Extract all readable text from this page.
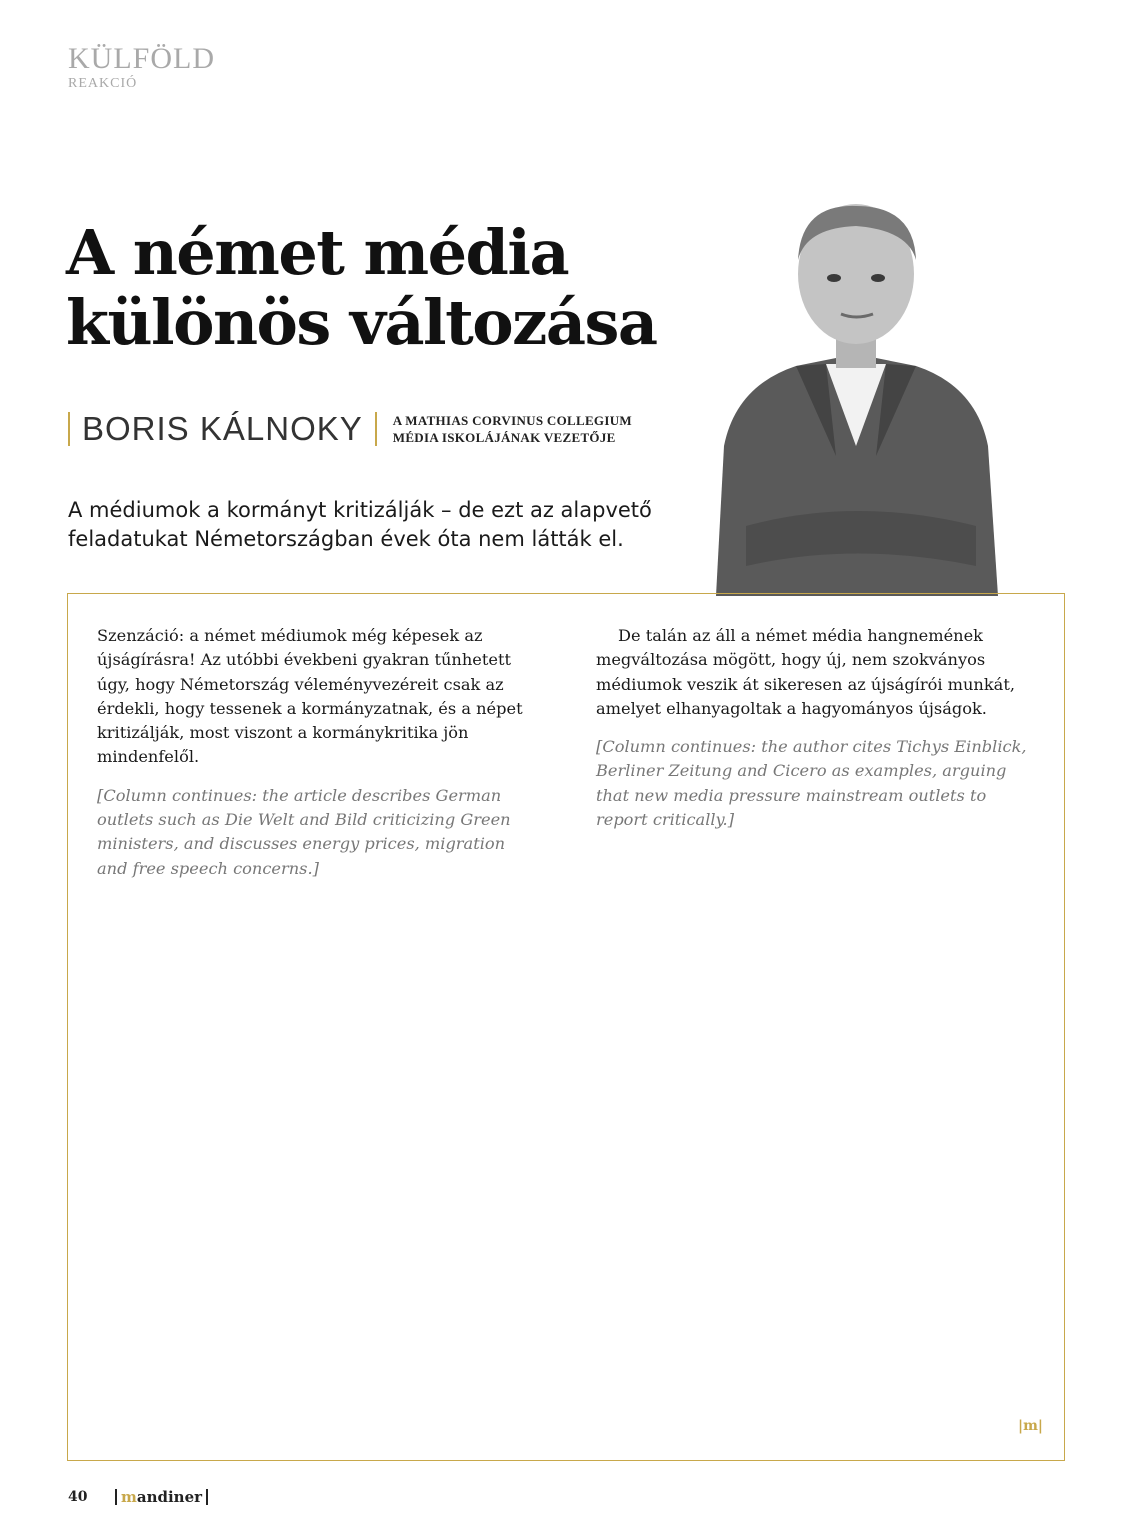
KÜLFÖLD
REAKCIÓ
A német média
különös változása
BORIS KÁLNOKY	A MATHIAS CORVINUS COLLEGIUM
MÉDIA ISKOLÁJÁNAK VEZETŐJE
A médiumok a kormányt kritizálják – de ezt az alapvető
feladatukat Németországban évek óta nem látták el.

Szenzáció: a német médiumok még képesek az újságírásra! Az utóbbi évekbeni gyakran tűnhetett úgy, hogy Németország véleményvezéreit csak az érdekli, hogy tessenek a kormányzatnak, és a népet kritizálják, most viszont a kormánykritika jön mindenfelől.

[Column continues: the article describes German outlets such as Die Welt and Bild criticizing Green ministers, and discusses energy prices, migration and free speech concerns.]

De talán az áll a német média hangnemének megváltozása mögött, hogy új, nem szokványos médiumok veszik át sikeresen az újságírói munkát, amelyet elhanyagoltak a hagyományos újságok.

[Column continues: the author cites Tichys Einblick, Berliner Zeitung and Cicero as examples, arguing that new media pressure mainstream outlets to report critically.]

|m|
40 m andiner
